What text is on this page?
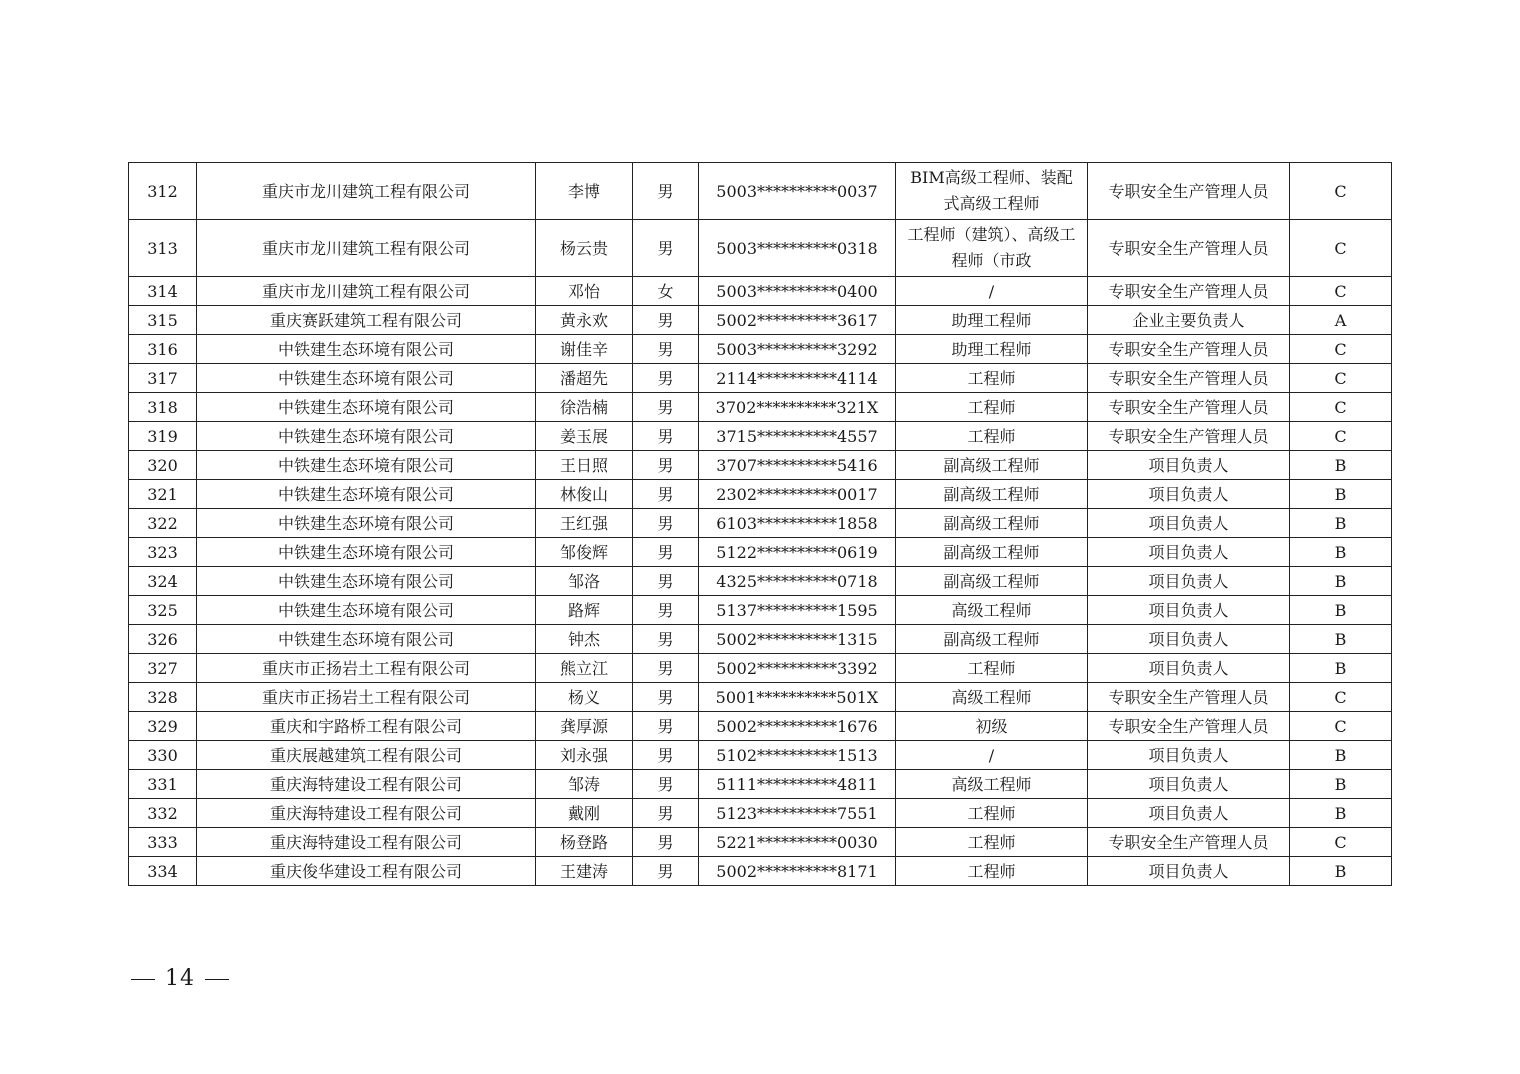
312	重庆市龙川建筑工程有限公司	李博	男	5003**********0037	BIM高级工程师、装配式高级工程师	专职安全生产管理人员	C
313	重庆市龙川建筑工程有限公司	杨云贵	男	5003**********0318	工程师（建筑）、高级工程师（市政	专职安全生产管理人员	C
314	重庆市龙川建筑工程有限公司	邓怡	女	5003**********0400	/	专职安全生产管理人员	C
315	重庆赛跃建筑工程有限公司	黄永欢	男	5002**********3617	助理工程师	企业主要负责人	A
316	中铁建生态环境有限公司	谢佳辛	男	5003**********3292	助理工程师	专职安全生产管理人员	C
317	中铁建生态环境有限公司	潘超先	男	2114**********4114	工程师	专职安全生产管理人员	C
318	中铁建生态环境有限公司	徐浩楠	男	3702**********321X	工程师	专职安全生产管理人员	C
319	中铁建生态环境有限公司	姜玉展	男	3715**********4557	工程师	专职安全生产管理人员	C
320	中铁建生态环境有限公司	王日照	男	3707**********5416	副高级工程师	项目负责人	B
321	中铁建生态环境有限公司	林俊山	男	2302**********0017	副高级工程师	项目负责人	B
322	中铁建生态环境有限公司	王红强	男	6103**********1858	副高级工程师	项目负责人	B
323	中铁建生态环境有限公司	邹俊辉	男	5122**********0619	副高级工程师	项目负责人	B
324	中铁建生态环境有限公司	邹洛	男	4325**********0718	副高级工程师	项目负责人	B
325	中铁建生态环境有限公司	路辉	男	5137**********1595	高级工程师	项目负责人	B
326	中铁建生态环境有限公司	钟杰	男	5002**********1315	副高级工程师	项目负责人	B
327	重庆市正扬岩土工程有限公司	熊立江	男	5002**********3392	工程师	项目负责人	B
328	重庆市正扬岩土工程有限公司	杨义	男	5001**********501X	高级工程师	专职安全生产管理人员	C
329	重庆和宇路桥工程有限公司	龚厚源	男	5002**********1676	初级	专职安全生产管理人员	C
330	重庆展越建筑工程有限公司	刘永强	男	5102**********1513	/	项目负责人	B
331	重庆海特建设工程有限公司	邹涛	男	5111**********4811	高级工程师	项目负责人	B
332	重庆海特建设工程有限公司	戴刚	男	5123**********7551	工程师	项目负责人	B
333	重庆海特建设工程有限公司	杨登路	男	5221**********0030	工程师	专职安全生产管理人员	C
334	重庆俊华建设工程有限公司	王建涛	男	5002**********8171	工程师	项目负责人	B
14
